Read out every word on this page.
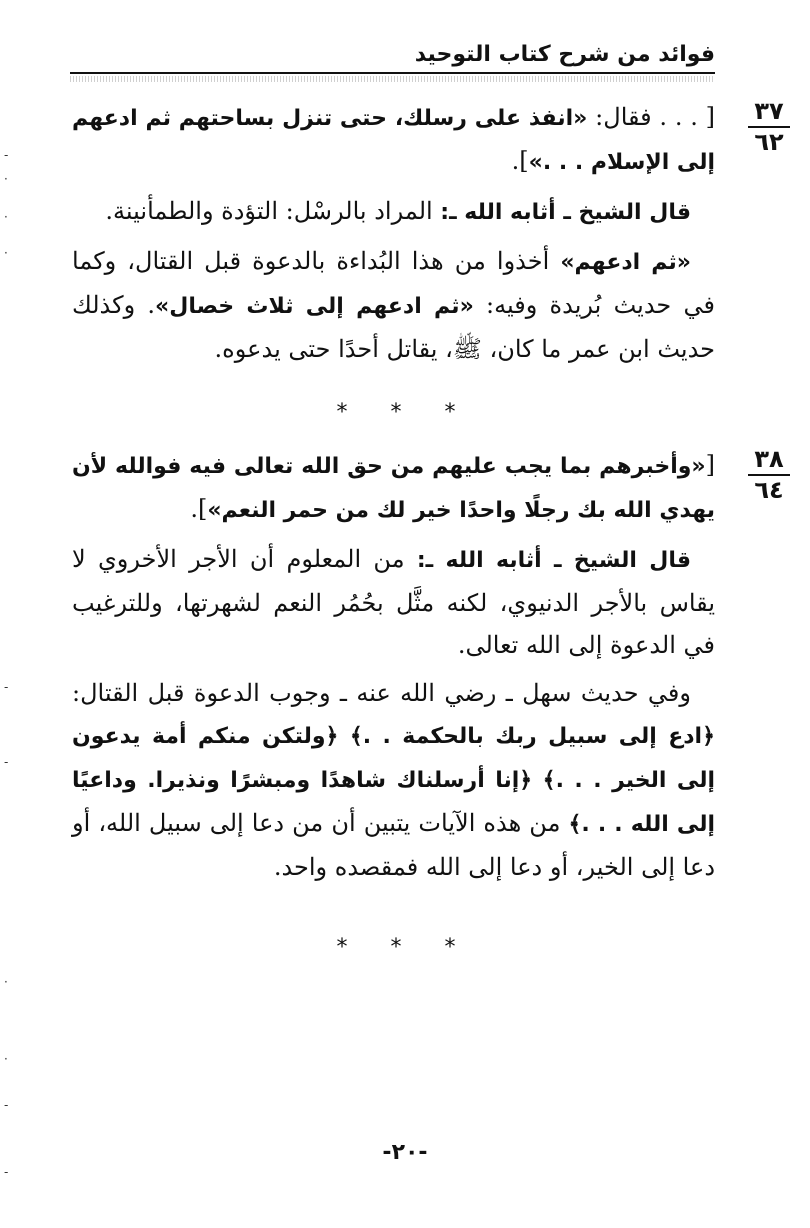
فوائد من شرح كتاب التوحيد
٣٧
٦٢

[ . . . فقال: «انفذ على رسلك، حتى تنزل بساحتهم ثم ادعهم إلى الإسلام . . .»].

قال الشيخ ـ أثابه الله ـ: المراد بالرسْل: التؤدة والطمأنينة.

«ثم ادعهم» أخذوا من هذا البُداءة بالدعوة قبل القتال، وكما في حديث بُريدة وفيه: «ثم ادعهم إلى ثلاث خصال». وكذلك حديث ابن عمر ما كان، ﷺ، يقاتل أحدًا حتى يدعوه.

* * *
٣٨
٦٤

[«وأخبرهم بما يجب عليهم من حق الله تعالى فيه فوالله لأن يهدي الله بك رجلًا واحدًا خير لك من حمر النعم»].

قال الشيخ ـ أثابه الله ـ: من المعلوم أن الأجر الأخروي لا يقاس بالأجر الدنيوي، لكنه مثَّل بحُمُر النعم لشهرتها، وللترغيب في الدعوة إلى الله تعالى.

وفي حديث سهل ـ رضي الله عنه ـ وجوب الدعوة قبل القتال: ﴿ادع إلى سبيل ربك بالحكمة . .﴾ ﴿ولتكن منكم أمة يدعون إلى الخير . . .﴾ ﴿إنا أرسلناك شاهدًا ومبشرًا ونذيرا. وداعيًا إلى الله . . .﴾ من هذه الآيات يتبين أن من دعا إلى سبيل الله، أو دعا إلى الخير، أو دعا إلى الله فمقصده واحد.

* * *
-٢٠-
-
·
·
·
-
-
·
·
-
-
